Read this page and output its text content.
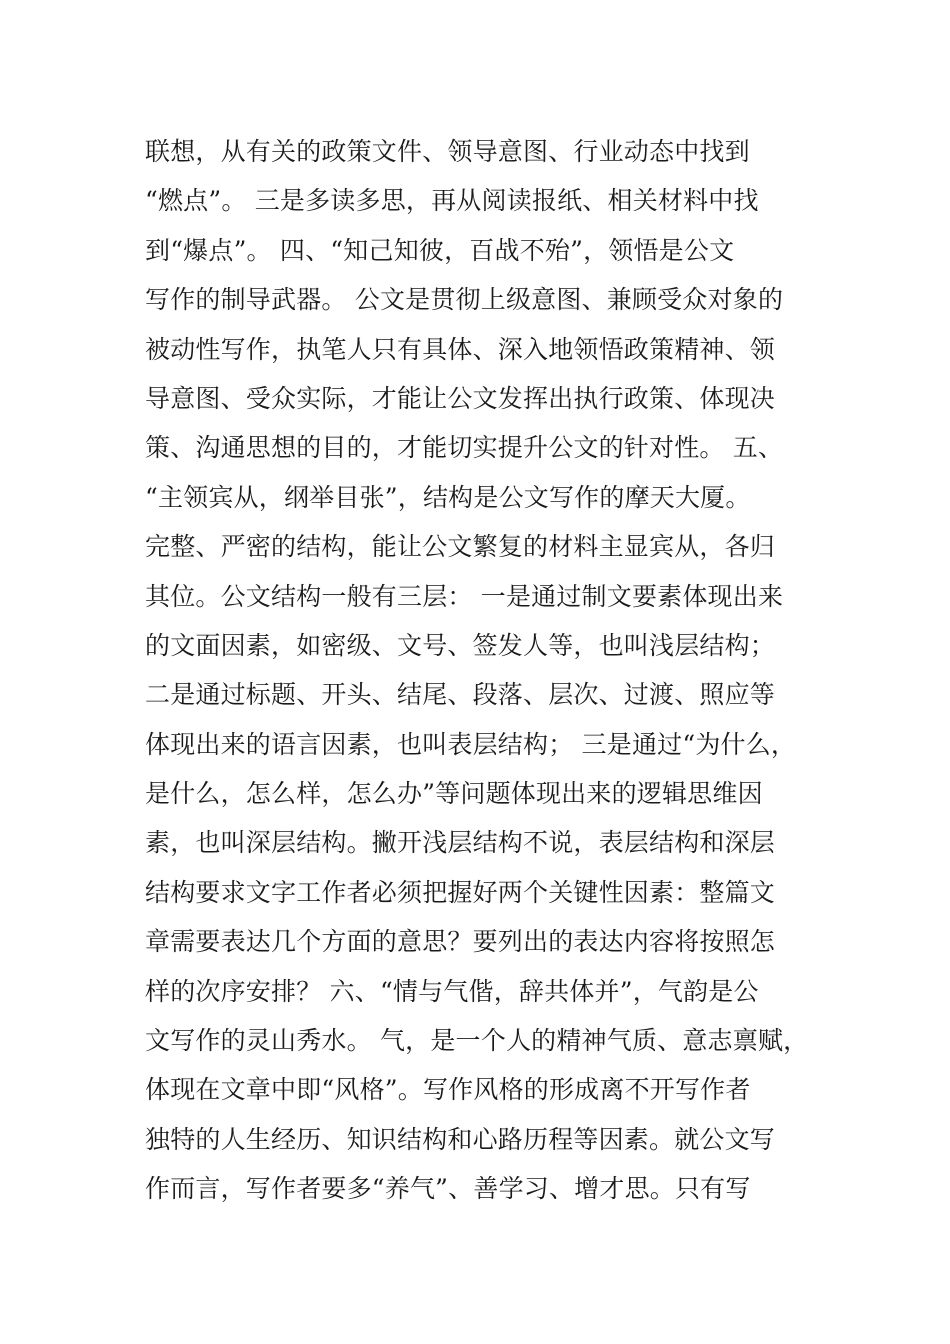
联想，从有关的政策文件、领导意图、行业动态中找到
“燃点”。 三是多读多思，再从阅读报纸、相关材料中找
到“爆点”。 四、“知己知彼，百战不殆”，领悟是公文
写作的制导武器。 公文是贯彻上级意图、兼顾受众对象的
被动性写作，执笔人只有具体、深入地领悟政策精神、领
导意图、受众实际，才能让公文发挥出执行政策、体现决
策、沟通思想的目的，才能切实提升公文的针对性。 五、
“主领宾从，纲举目张”，结构是公文写作的摩天大厦。
完整、严密的结构，能让公文繁复的材料主显宾从，各归
其位。公文结构一般有三层： 一是通过制文要素体现出来
的文面因素，如密级、文号、签发人等，也叫浅层结构；
二是通过标题、开头、结尾、段落、层次、过渡、照应等
体现出来的语言因素，也叫表层结构； 三是通过“为什么，
是什么，怎么样，怎么办”等问题体现出来的逻辑思维因
素，也叫深层结构。撇开浅层结构不说，表层结构和深层
结构要求文字工作者必须把握好两个关键性因素：整篇文
章需要表达几个方面的意思？要列出的表达内容将按照怎
样的次序安排？ 六、“情与气偕，辞共体并”，气韵是公
文写作的灵山秀水。 气，是一个人的精神气质、意志禀赋，
体现在文章中即“风格”。写作风格的形成离不开写作者
独特的人生经历、知识结构和心路历程等因素。就公文写
作而言，写作者要多“养气”、善学习、增才思。只有写
